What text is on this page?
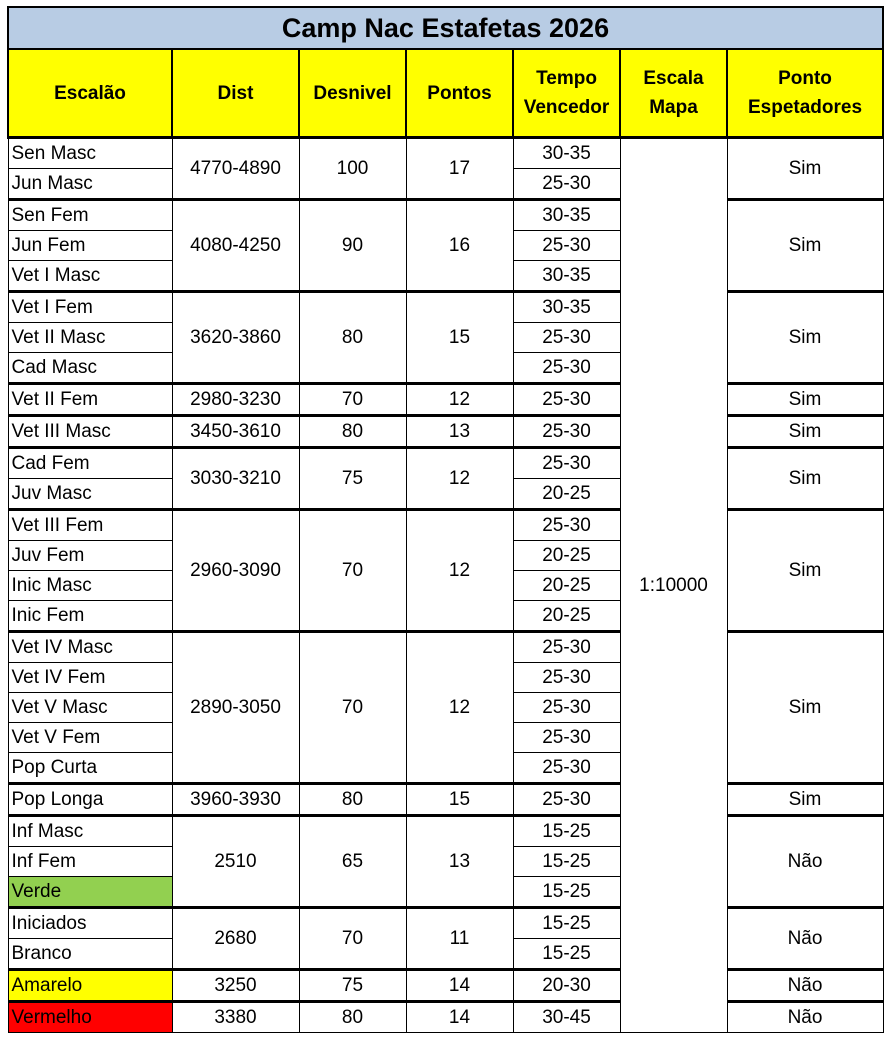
Camp Nac Estafetas 2026						
Escalão	Dist	Desnivel	Pontos	Tempo Vencedor	Escala Mapa	Ponto Espetadores
Sen Masc	4770-4890	100	17	30-35	1:10000	Sim
Jun Masc				25-30		
Sen Fem	4080-4250	90	16	30-35		Sim
Jun Fem				25-30		
Vet I Masc				30-35		
Vet I Fem	3620-3860	80	15	30-35		Sim
Vet II Masc				25-30		
Cad Masc				25-30		
Vet II Fem	2980-3230	70	12	25-30		Sim
Vet III Masc	3450-3610	80	13	25-30		Sim
Cad Fem	3030-3210	75	12	25-30		Sim
Juv Masc				20-25		
Vet III Fem	2960-3090	70	12	25-30		Sim
Juv Fem				20-25		
Inic Masc				20-25		
Inic Fem				20-25		
Vet IV Masc	2890-3050	70	12	25-30		Sim
Vet IV Fem				25-30		
Vet V Masc				25-30		
Vet V Fem				25-30		
Pop Curta				25-30		
Pop Longa	3960-3930	80	15	25-30		Sim
Inf Masc	2510	65	13	15-25		Não
Inf Fem				15-25		
Verde				15-25		
Iniciados	2680	70	11	15-25		Não
Branco				15-25		
Amarelo	3250	75	14	20-30		Não
Vermelho	3380	80	14	30-45		Não
